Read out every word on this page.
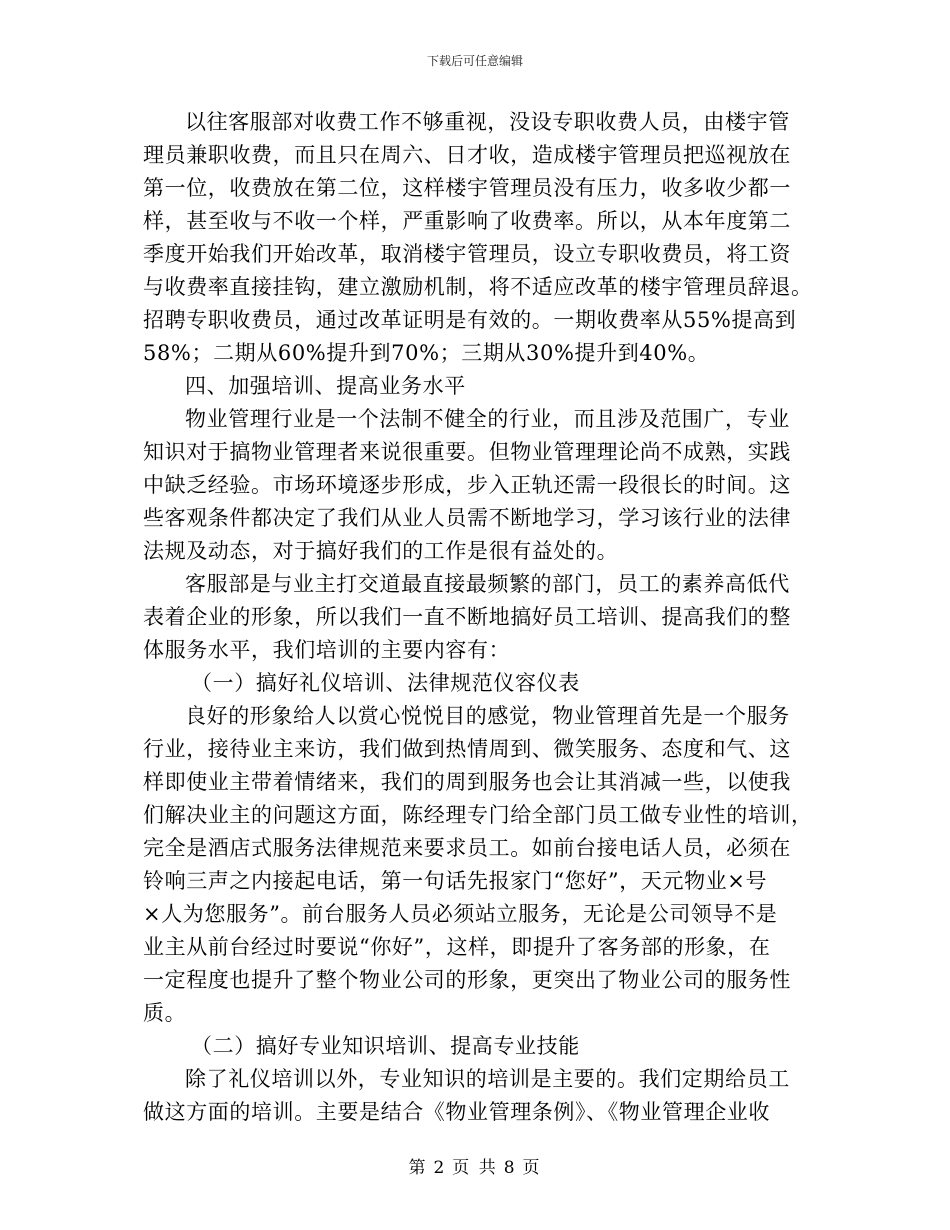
下载后可任意编辑
以往客服部对收费工作不够重视，没设专职收费人员，由楼宇管
理员兼职收费，而且只在周六、日才收，造成楼宇管理员把巡视放在
第一位，收费放在第二位，这样楼宇管理员没有压力，收多收少都一
样，甚至收与不收一个样，严重影响了收费率。所以，从本年度第二
季度开始我们开始改革，取消楼宇管理员，设立专职收费员，将工资
与收费率直接挂钩，建立激励机制，将不适应改革的楼宇管理员辞退。
招聘专职收费员，通过改革证明是有效的。一期收费率从55%提高到
58%；二期从60%提升到70%；三期从30%提升到40%。
四、加强培训、提高业务水平
物业管理行业是一个法制不健全的行业，而且涉及范围广，专业
知识对于搞物业管理者来说很重要。但物业管理理论尚不成熟，实践
中缺乏经验。市场环境逐步形成，步入正轨还需一段很长的时间。这
些客观条件都决定了我们从业人员需不断地学习，学习该行业的法律
法规及动态，对于搞好我们的工作是很有益处的。
客服部是与业主打交道最直接最频繁的部门，员工的素养高低代
表着企业的形象，所以我们一直不断地搞好员工培训、提高我们的整
体服务水平，我们培训的主要内容有：
（一）搞好礼仪培训、法律规范仪容仪表
良好的形象给人以赏心悦悦目的感觉，物业管理首先是一个服务
行业，接待业主来访，我们做到热情周到、微笑服务、态度和气、这
样即使业主带着情绪来，我们的周到服务也会让其消减一些，以使我
们解决业主的问题这方面，陈经理专门给全部门员工做专业性的培训，
完全是酒店式服务法律规范来要求员工。如前台接电话人员，必须在
铃响三声之内接起电话，第一句话先报家门“您好”，天元物业×号
×人为您服务”。前台服务人员必须站立服务，无论是公司领导不是
业主从前台经过时要说“你好”，这样，即提升了客务部的形象，在
一定程度也提升了整个物业公司的形象，更突出了物业公司的服务性
质。
（二）搞好专业知识培训、提高专业技能
除了礼仪培训以外，专业知识的培训是主要的。我们定期给员工
做这方面的培训。主要是结合《物业管理条例》、《物业管理企业收
第 2 页 共 8 页
